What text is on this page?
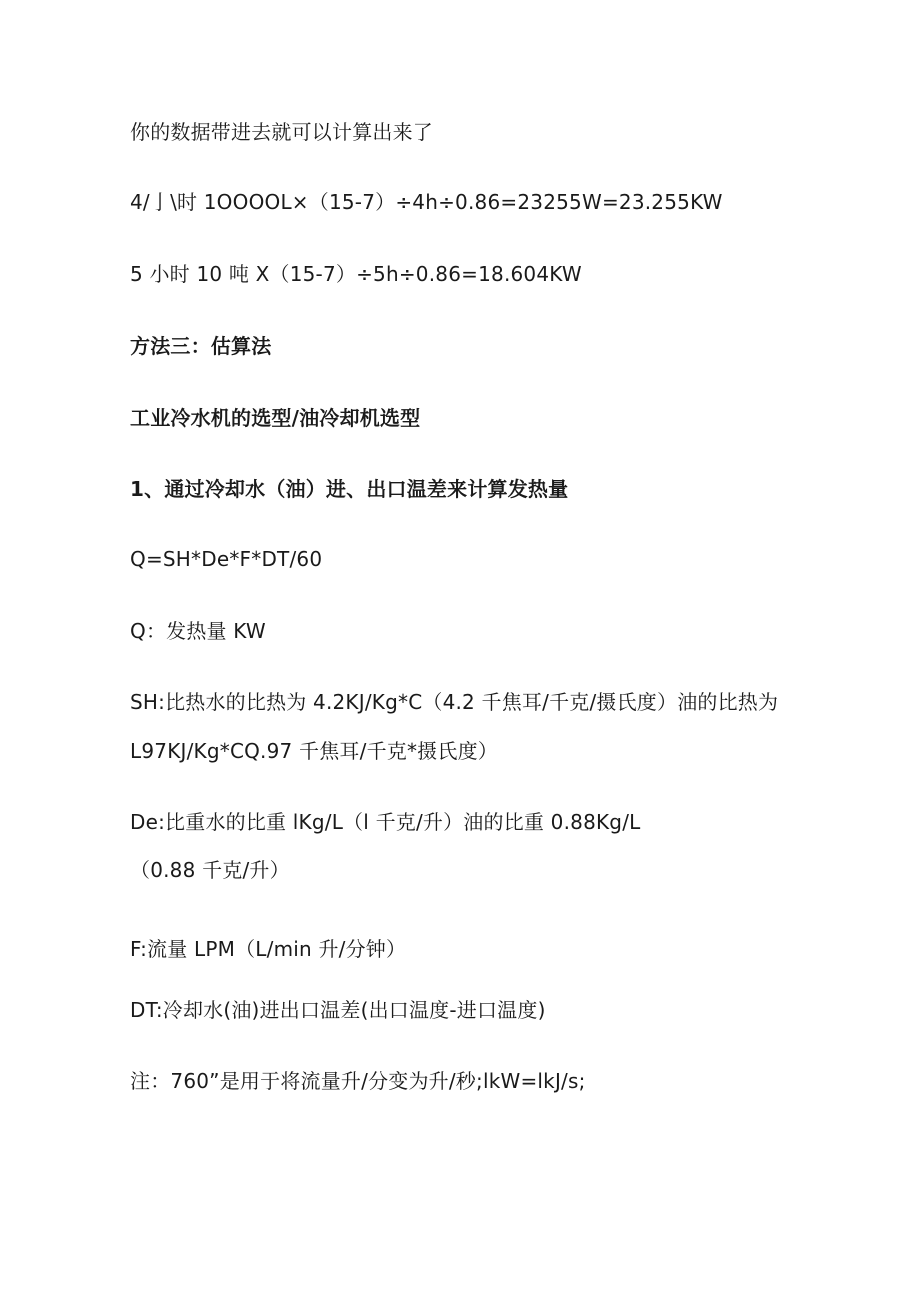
你的数据带进去就可以计算出来了
4/亅\时 1OOOOL×（15-7）÷4h÷0.86=23255W=23.255KW
5 小时 10 吨 X（15-7）÷5h÷0.86=18.604KW
方法三：估算法
工业冷水机的选型/油冷却机选型
1、通过冷却水（油）进、出口温差来计算发热量
Q=SH*De*F*DT/60
Q：发热量 KW
SH:比热水的比热为 4.2KJ/Kg*C（4.2 千焦耳/千克/摄氏度）油的比热为
L97KJ/Kg*CQ.97 千焦耳/千克*摄氏度）
De:比重水的比重 lKg/L（l 千克/升）油的比重 0.88Kg/L
（0.88 千克/升）
F:流量 LPM（L/min 升/分钟）
DT:冷却水(油)进出口温差(出口温度-进口温度)
注：760”是用于将流量升/分变为升/秒;lkW=lkJ/s;
